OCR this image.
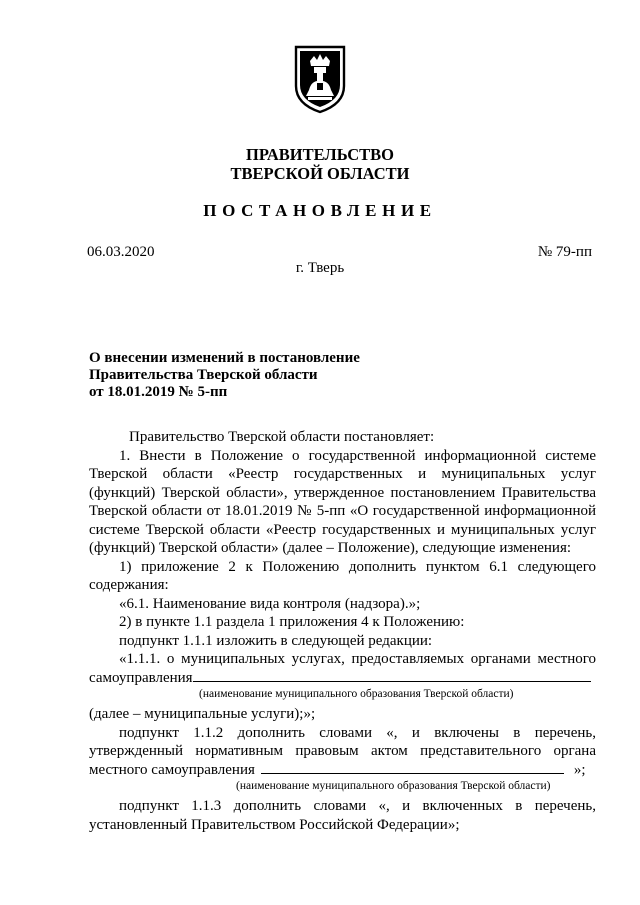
ПРАВИТЕЛЬСТВО
ТВЕРСКОЙ ОБЛАСТИ
ПОСТАНОВЛЕНИЕ
06.03.2020	№ 79-пп
г. Тверь
О внесении изменений в постановление
Правительства Тверской области
от 18.01.2019 № 5-пп
Правительство Тверской области постановляет:
1. Внести в Положение о государственной информационной системе
Тверской области «Реестр государственных и муниципальных услуг
(функций) Тверской области», утвержденное постановлением Правительства
Тверской области от 18.01.2019 № 5-пп «О государственной информационной
системе Тверской области «Реестр государственных и муниципальных услуг
(функций) Тверской области» (далее – Положение), следующие изменения:
1) приложение 2 к Положению дополнить пунктом 6.1 следующего
содержания:
«6.1. Наименование вида контроля (надзора).»;
2) в пункте 1.1 раздела 1 приложения 4 к Положению:
подпункт 1.1.1 изложить в следующей редакции:
«1.1.1. о муниципальных услугах, предоставляемых органами местного
самоуправления
(наименование муниципального образования Тверской области)
(далее – муниципальные услуги);»;
подпункт 1.1.2 дополнить словами «, и включены в перечень,
утвержденный нормативным правовым актом представительного органа
местного самоуправления	»;
(наименование муниципального образования Тверской области)
подпункт 1.1.3 дополнить словами «, и включенных в перечень,
установленный Правительством Российской Федерации»;
